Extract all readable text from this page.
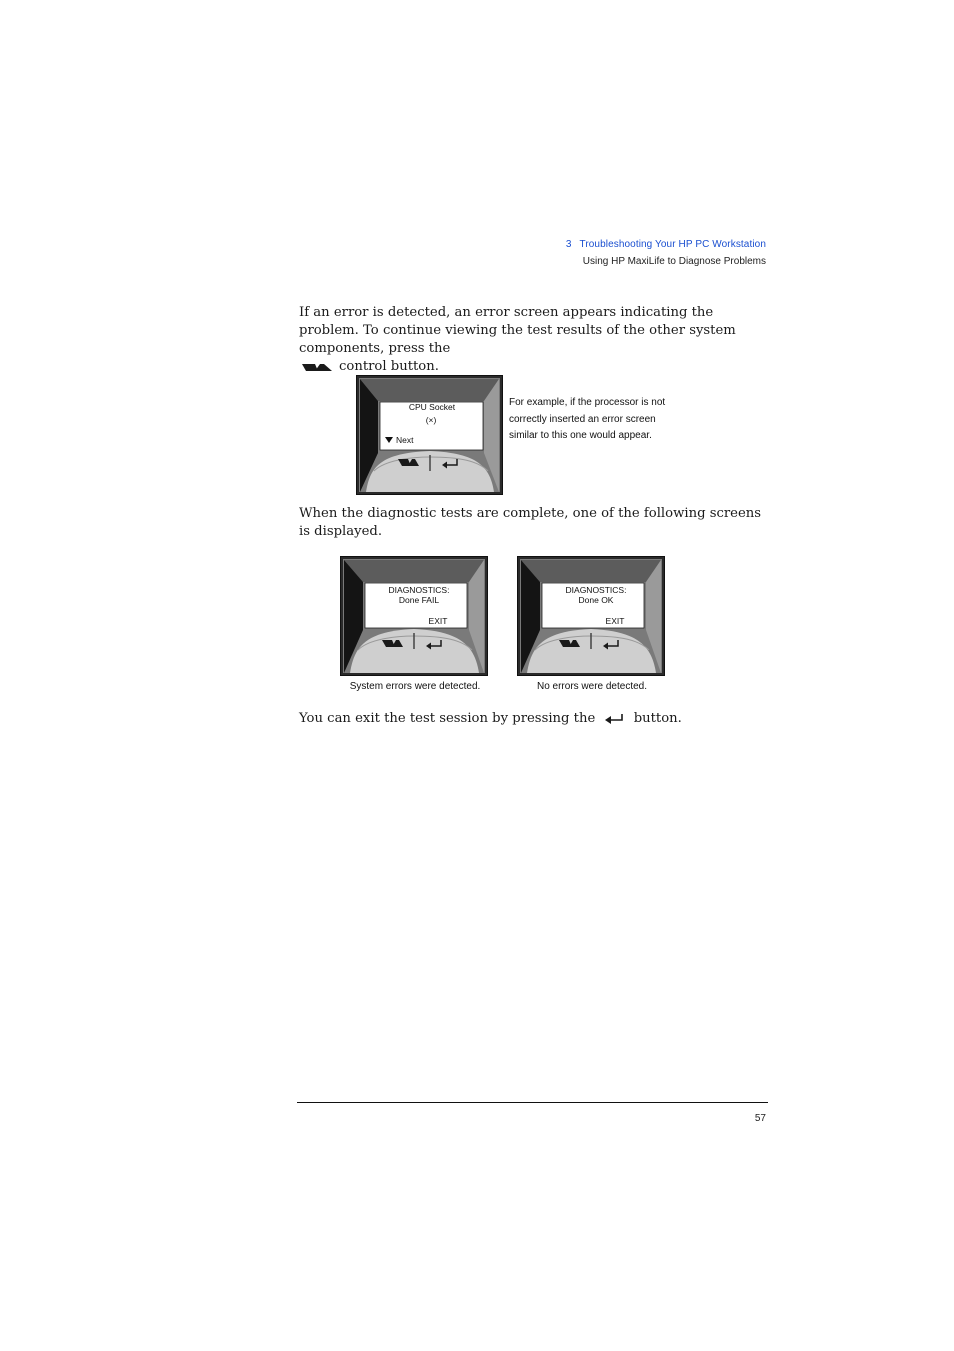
3 Troubleshooting Your HP PC Workstation
Using HP MaxiLife to Diagnose Problems
If an error is detected, an error screen appears indicating the problem. To continue viewing the test results of the other system components, press the
control button.
CPU Socket
(×)
Next
For example, if the processor is not correctly inserted an error screen similar to this one would appear.
When the diagnostic tests are complete, one of the following screens is displayed.
DIAGNOSTICS:
Done FAIL
EXIT
DIAGNOSTICS:
Done OK
EXIT
System errors were detected.	No errors were detected.
You can exit the test session by pressing the	button.
57
